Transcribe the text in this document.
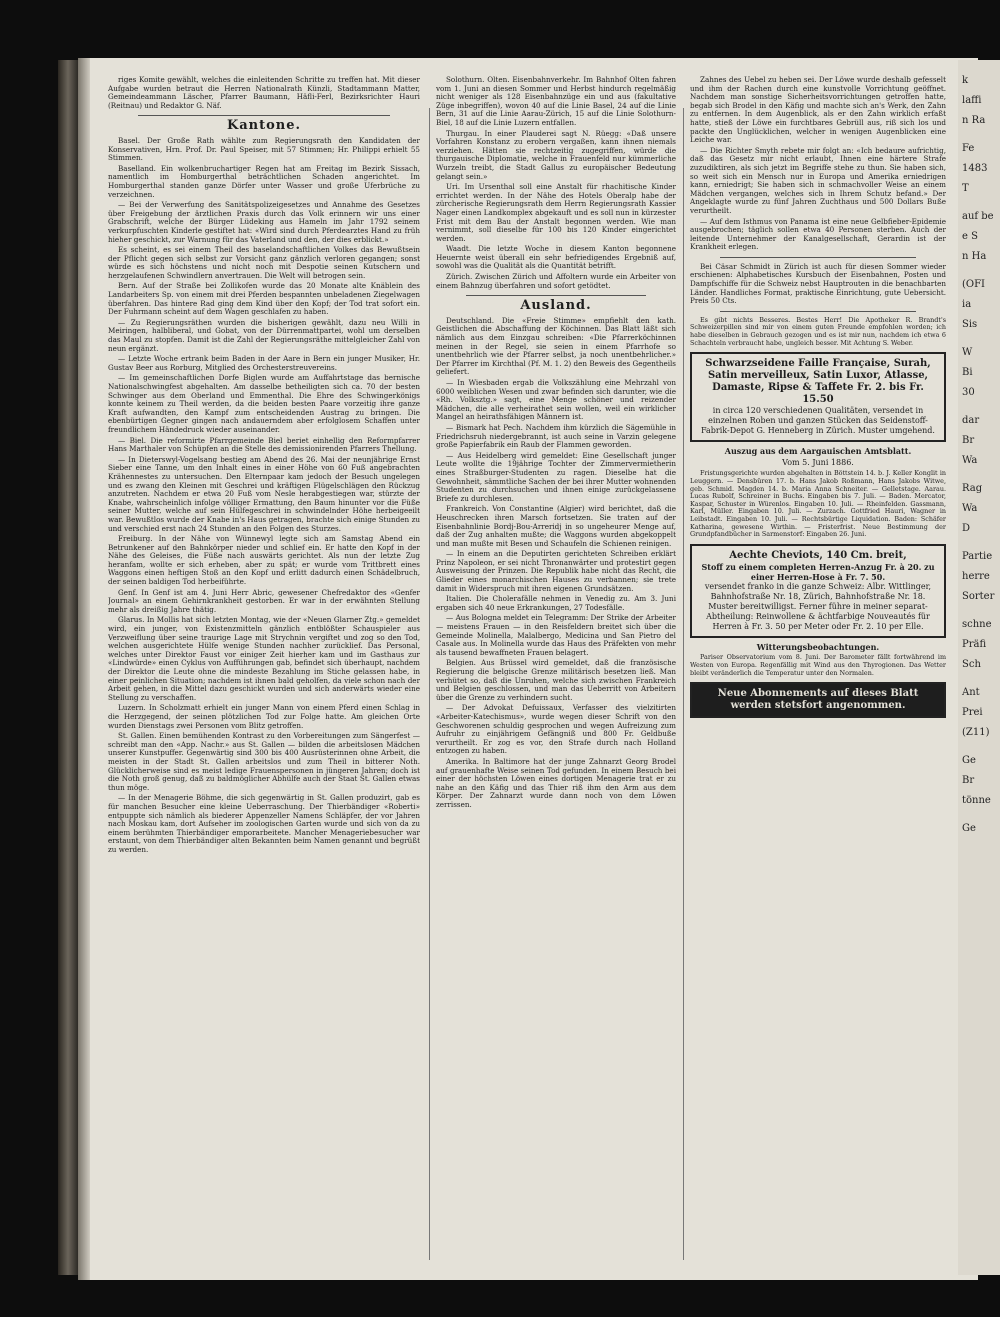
k
laffi
n Ra
Fe
1483
T
auf be
e S
n Ha
(OFI
ia
Sis
W
Bi
30
dar
Br
Wa
Rag
Wa
D
Partie
herre
Sorter
schne
Präfi
Sch
Ant
Prei
(Z11)
Ge
Br
tönne
Ge

riges Komite gewählt, welches die einleitenden Schritte zu treffen hat. Mit dieser Aufgabe wurden betraut die Herren Nationalrath Künzli, Stadtammann Matter, Gemeindeammann Läscher, Pfarrer Baumann, Häfli-Ferl, Bezirksrichter Hauri (Reitnau) und Redaktor G. Näf.

Kantone.

Basel. Der Große Rath wählte zum Regierungsrath den Kandidaten der Konservativen, Hrn. Prof. Dr. Paul Speiser, mit 57 Stimmen; Hr. Philippi erhielt 55 Stimmen.

Baselland. Ein wolkenbruchartiger Regen hat am Freitag im Bezirk Sissach, namentlich im Homburgerthal beträchtlichen Schaden angerichtet. Im Homburgerthal standen ganze Dörfer unter Wasser und große Uferbrüche zu verzeichnen.

— Bei der Verwerfung des Sanitätspolizeigesetzes und Annahme des Gesetzes über Freigebung der ärztlichen Praxis durch das Volk erinnern wir uns einer Grabschrift, welche der Bürger Lüdeking aus Hameln im Jahr 1792 seinem verkurpfuschten Kinderle gestiftet hat: «Wird sind durch Pferdearztes Hand zu früh hieher geschickt, zur Warnung für das Vaterland und den, der dies erblickt.»

Es scheint, es sei einem Theil des baselandschaftlichen Volkes das Bewußtsein der Pflicht gegen sich selbst zur Vorsicht ganz gänzlich verloren gegangen; sonst würde es sich höchstens und nicht noch mit Despotie seinen Kutschern und herzgelaufenen Schwindlern anvertrauen. Die Welt will betrogen sein.

Bern. Auf der Straße bei Zollikofen wurde das 20 Monate alte Knäblein des Landarbeiters Sp. von einem mit drei Pferden bespannten unbeladenen Ziegelwagen überfahren. Das hintere Rad ging dem Kind über den Kopf; der Tod trat sofort ein. Der Fuhrmann scheint auf dem Wagen geschlafen zu haben.

— Zu Regierungsräthen wurden die bisherigen gewählt, dazu neu Willi in Meiringen, halbliberal, und Gobat, von der Dürrenmattpartei, wohl um derselben das Maul zu stopfen. Damit ist die Zahl der Regierungsräthe mittelgleicher Zahl von neun ergänzt.

— Letzte Woche ertrank beim Baden in der Aare in Bern ein junger Musiker, Hr. Gustav Beer aus Rorburg, Mitglied des Orchesterstreuvereins.

— Im gemeinschaftlichen Dorfe Biglen wurde am Auffahrtstage das bernische Nationalschwingfest abgehalten. Am dasselbe betheiligten sich ca. 70 der besten Schwinger aus dem Oberland und Emmenthal. Die Ehre des Schwingerkönigs konnte keinem zu Theil werden, da die beiden besten Paare vorzeitig ihre ganze Kraft aufwandten, den Kampf zum entscheidenden Austrag zu bringen. Die ebenbürtigen Gegner gingen nach andauerndem aber erfolglosem Schaffen unter freundlichem Händedruck wieder auseinander.

— Biel. Die reformirte Pfarrgemeinde Biel beriet einhellig den Reformpfarrer Hans Marthaler von Schüpfen an die Stelle des demissionirenden Pfarrers Thellung.

— In Dieterswyl-Vogelsang bestieg am Abend des 26. Mai der neunjährige Ernst Sieber eine Tanne, um den Inhalt eines in einer Höhe von 60 Fuß angebrachten Krähennestes zu untersuchen. Den Elternpaar kam jedoch der Besuch ungelegen und es zwang den Kleinen mit Geschrei und kräftigen Flügelschlägen den Rückzug anzutreten. Nachdem er etwa 20 Fuß vom Nesle herabgestiegen war, stürzte der Knabe, wahrscheinlich infolge völliger Ermattung, den Baum hinunter vor die Füße seiner Mutter, welche auf sein Hülfegeschrei in schwindelnder Höhe herbeigeeilt war. Bewußtlos wurde der Knabe in's Haus getragen, brachte sich einige Stunden zu und verschied erst nach 24 Stunden an den Folgen des Sturzes.

Freiburg. In der Nähe von Wünnewyl legte sich am Samstag Abend ein Betrunkener auf den Bahnkörper nieder und schlief ein. Er hatte den Kopf in der Nähe des Geleises, die Füße nach auswärts gerichtet. Als nun der letzte Zug heranfam, wollte er sich erheben, aber zu spät; er wurde vom Trittbrett eines Waggons einen heftigen Stoß an den Kopf und erlitt dadurch einen Schädelbruch, der seinen baldigen Tod herbeiführte.

Genf. In Genf ist am 4. Juni Herr Abric, gewesener Chefredaktor des «Genfer Journal» an einem Gehirnkrankheit gestorben. Er war in der erwähnten Stellung mehr als dreißig Jahre thätig.

Glarus. In Mollis hat sich letzten Montag, wie der «Neuen Glarner Ztg.» gemeldet wird, ein junger, von Existenzmitteln gänzlich entblößter Schauspieler aus Verzweiflung über seine traurige Lage mit Strychnin vergiftet und zog so den Tod, welchen ausgerichtete Hülfe wenige Stunden nachher zurücklief. Das Personal, welches unter Direktor Faust vor einiger Zeit hierher kam und im Gasthaus zur «Lindwürde» einen Cyklus von Aufführungen gab, befindet sich überhaupt, nachdem der Direktor die Leute ohne die mindeste Bezahlung im Stiche gelassen habe, in einer peinlichen Situation; nachdem ist ihnen bald geholfen, da viele schon nach der Arbeit gehen, in die Mittel dazu geschickt wurden und sich anderwärts wieder eine Stellung zu verschaffen.

Luzern. In Scholzmatt erhielt ein junger Mann von einem Pferd einen Schlag in die Herzgegend, der seinen plötzlichen Tod zur Folge hatte. Am gleichen Orte wurden Dienstags zwei Personen vom Blitz getroffen.

St. Gallen. Einen bemühenden Kontrast zu den Vorbereitungen zum Sängerfest — schreibt man den «App. Nachr.» aus St. Gallen — bilden die arbeitslosen Mädchen unserer Kunstpuffer. Gegenwärtig sind 300 bis 400 Ausrüsterinnen ohne Arbeit, die meisten in der Stadt St. Gallen arbeitslos und zum Theil in bitterer Noth. Glücklicherweise sind es meist ledige Frauenspersonen in jüngeren Jahren; doch ist die Noth groß genug, daß zu baldmöglicher Abhülfe auch der Staat St. Gallen etwas thun möge.

— In der Menagerie Böhme, die sich gegenwärtig in St. Gallen produzirt, gab es für manchen Besucher eine kleine Ueberraschung. Der Thierbändiger «Roberti» entpuppte sich nämlich als biederer Appenzeller Namens Schläpfer, der vor Jahren nach Moskau kam, dort Aufseher im zoologischen Garten wurde und sich von da zu einem berühmten Thierbändiger emporarbeitete. Mancher Menageriebesucher war erstaunt, von dem Thierbändiger alten Bekannten beim Namen genannt und begrüßt zu werden.

Solothurn. Olten. Eisenbahnverkehr. Im Bahnhof Olten fahren vom 1. Juni an diesen Sommer und Herbst hindurch regelmäßig nicht weniger als 128 Eisenbahnzüge ein und aus (fakultative Züge inbegriffen), wovon 40 auf die Linie Basel, 24 auf die Linie Bern, 31 auf die Linie Aarau-Zürich, 15 auf die Linie Solothurn-Biel, 18 auf die Linie Luzern entfallen.

Thurgau. In einer Plauderei sagt N. Rüegg: «Daß unsere Vorfahren Konstanz zu erobern vergaßen, kann ihnen niemals verziehen. Hätten sie rechtzeitig zugegriffen, würde die thurgauische Diplomatie, welche in Frauenfeld nur kümmerliche Wurzeln treibt, die Stadt Gallus zu europäischer Bedeutung gelangt sein.»

Uri. Im Ursenthal soll eine Anstalt für rhachitische Kinder errichtet werden. In der Nähe des Hotels Oberalp habe der zürcherische Regierungsrath dem Herrn Regierungsrath Kassier Nager einen Landkomplex abgekauft und es soll nun in kürzester Frist mit dem Bau der Anstalt begonnen werden. Wie man vernimmt, soll dieselbe für 100 bis 120 Kinder eingerichtet werden.

Waadt. Die letzte Woche in diesem Kanton begonnene Heuernte weist überall ein sehr befriedigendes Ergebniß auf, sowohl was die Qualität als die Quantität betrifft.

Zürich. Zwischen Zürich und Affoltern wurde ein Arbeiter von einem Bahnzug überfahren und sofort getödtet.

Ausland.

Deutschland. Die «Freie Stimme» empfiehlt den kath. Geistlichen die Abschaffung der Köchinnen. Das Blatt läßt sich nämlich aus dem Einzgau schreiben: «Die Pfarrerköchinnen meinen in der Regel, sie seien in einem Pfarrhofe so unentbehrlich wie der Pfarrer selbst, ja noch unentbehrlicher.» Der Pfarrer im Kirchthal (Pf. M. 1. 2) den Beweis des Gegentheils geliefert.

— In Wiesbaden ergab die Volkszählung eine Mehrzahl von 6000 weiblichen Wesen und zwar befinden sich darunter, wie die «Rh. Volksztg.» sagt, eine Menge schöner und reizender Mädchen, die alle verheirathet sein wollen, weil ein wirklicher Mangel an heirathsfähigen Männern ist.

— Bismark hat Pech. Nachdem ihm kürzlich die Sägemühle in Friedrichsruh niedergebrannt, ist auch seine in Varzin gelegene große Papierfabrik ein Raub der Flammen geworden.

— Aus Heidelberg wird gemeldet: Eine Gesellschaft junger Leute wollte die 19jährige Tochter der Zimmervermietherin eines Straßburger-Studenten zu ragen. Dieselbe hat die Gewohnheit, sämmtliche Sachen der bei ihrer Mutter wohnenden Studenten zu durchsuchen und ihnen einige zurückgelassene Briefe zu durchlesen.

Frankreich. Von Constantine (Algier) wird berichtet, daß die Heuschrecken ihren Marsch fortsetzen. Sie traten auf der Eisenbahnlinie Bordj-Bou-Arreridj in so ungeheurer Menge auf, daß der Zug anhalten mußte; die Waggons wurden abgekoppelt und man mußte mit Besen und Schaufeln die Schienen reinigen.

— In einem an die Deputirten gerichteten Schreiben erklärt Prinz Napoleon, er sei nicht Thronanwärter und protestirt gegen Ausweisung der Prinzen. Die Republik habe nicht das Recht, die Glieder eines monarchischen Hauses zu verbannen; sie trete damit in Widerspruch mit ihren eigenen Grundsätzen.

Italien. Die Cholerafälle nehmen in Venedig zu. Am 3. Juni ergaben sich 40 neue Erkrankungen, 27 Todesfälle.

— Aus Bologna meldet ein Telegramm: Der Strike der Arbeiter — meistens Frauen — in den Reisfeldern breitet sich über die Gemeinde Molinella, Malalbergo, Medicina und San Pietro del Casale aus. In Molinella wurde das Haus des Präfekten von mehr als tausend bewaffneten Frauen belagert.

Belgien. Aus Brüssel wird gemeldet, daß die französische Regierung die belgische Grenze militärisch besetzen ließ. Man verhütet so, daß die Unruhen, welche sich zwischen Frankreich und Belgien geschlossen, und man das Ueberritt von Arbeitern über die Grenze zu verhindern sucht.

— Der Advokat Defuissaux, Verfasser des vielzitirten «Arbeiter-Katechismus», wurde wegen dieser Schrift von den Geschworenen schuldig gesprochen und wegen Aufreizung zum Aufruhr zu einjährigem Gefängniß und 800 Fr. Geldbuße verurtheilt. Er zog es vor, den Strafe durch nach Holland entzogen zu haben.

Amerika. In Baltimore hat der junge Zahnarzt Georg Brodel auf grauenhafte Weise seinen Tod gefunden. In einem Besuch bei einer der höchsten Löwen eines dortigen Menagerie trat er zu nahe an den Käfig und das Thier riß ihm den Arm aus dem Körper. Der Zahnarzt wurde dann noch von dem Löwen zerrissen.

Zahnes des Uebel zu heben sei. Der Löwe wurde deshalb gefesselt und ihm der Rachen durch eine kunstvolle Vorrichtung geöffnet. Nachdem man sonstige Sicherheitsvorrichtungen getroffen hatte, begab sich Brodel in den Käfig und machte sich an's Werk, den Zahn zu entfernen. In dem Augenblick, als er den Zahn wirklich erfaßt hatte, stieß der Löwe ein furchtbares Gebrüll aus, riß sich los und packte den Unglücklichen, welcher in wenigen Augenblicken eine Leiche war.

— Die Richter Smyth rebete mir folgt an: «Ich bedaure aufrichtig, daß das Gesetz mir nicht erlaubt, Ihnen eine härtere Strafe zuzudiktiren, als sich jetzt im Begriffe stehe zu thun. Sie haben sich, so weit sich ein Mensch nur in Europa und Amerika erniedrigen kann, erniedrigt; Sie haben sich in schmachvoller Weise an einem Mädchen vergangen, welches sich in Ihrem Schutz befand.» Der Angeklagte wurde zu fünf Jahren Zuchthaus und 500 Dollars Buße verurtheilt.

— Auf dem Isthmus von Panama ist eine neue Gelbfieber-Epidemie ausgebrochen; täglich sollen etwa 40 Personen sterben. Auch der leitende Unternehmer der Kanalgesellschaft, Gerardin ist der Krankheit erlegen.

Bei Cäsar Schmidt in Zürich ist auch für diesen Sommer wieder erschienen: Alphabetisches Kursbuch der Eisenbahnen, Posten und Dampfschiffe für die Schweiz nebst Hauptrouten in die benachbarten Länder. Handliches Format, praktische Einrichtung, gute Uebersicht. Preis 50 Cts.

Es gibt nichts Besseres. Bestes Herr! Die Apotheker R. Brandt's Schweizerpillen sind mir von einem guten Freunde empfohlen worden; ich habe dieselben in Gebrauch gezogen und es ist mir nun, nachdem ich etwa 6 Schachteln verbraucht habe, ungleich besser. Mit Achtung S. Weber.

Schwarzseidene Faille Française, Surah, Satin merveilleux, Satin Luxor, Atlasse, Damaste, Ripse & Taffete Fr. 2. bis Fr. 15.50
in circa 120 verschiedenen Qualitäten, versendet in einzelnen Roben und ganzen Stücken das Seidenstoff-Fabrik-Depot G. Henneberg in Zürich. Muster umgehend.
Auszug aus dem Aargauischen Amtsblatt.
Vom 5. Juni 1886.

Fristungsgerichte wurden abgehalten in Böttstein 14. b. J. Keller Konglit in Leuggern. — Densbüren 17. b. Hans Jakob Roßmann, Hans Jakobs Witwe, geb. Schmid. Magden 14. b. Maria Anna Schneiter. — Gelletstage. Aarau. Lucas Rubolf, Schreiner in Buchs. Eingaben bis 7. Juli. — Baden. Mercator, Kaspar, Schuster in Würenlos. Eingaben 10. Juli. — Rheinfelden. Gassmann, Karl, Müller. Eingaben 10. Juli. — Zurzach. Gottfried Hauri, Wagner in Leibstadt. Eingaben 10. Juli. — Rechtsbürtige Liquidation. Baden: Schäfer Katharina, gewesene Wirthin. — Fristerfrist. Neue Bestimmung der Grundpfandbücher in Sarmenstorf: Eingaben 26. Juni.

Aechte Cheviots, 140 Cm. breit,
Stoff zu einem completen Herren-Anzug Fr. à 20. zu einer Herren-Hose à Fr. 7. 50.
versendet franko in die ganze Schweiz: Albr. Wittlinger, Bahnhofstraße Nr. 18, Zürich, Bahnhofstraße Nr. 18. Muster bereitwilligst. Ferner führe in meiner separat-Abtheilung: Reinwollene & ächtfarbige Nouveautés für Herren à Fr. 3. 50 per Meter oder Fr. 2. 10 per Elle.
Witterungsbeobachtungen.

Pariser Observatorium vom 8. Juni. Der Barometer fällt fortwährend im Westen von Europa. Regenfällig mit Wind aus den Thyrogionen. Das Wetter bleibt veränderlich die Temperatur unter den Normalen.

Neue Abonnements auf dieses Blatt werden stetsfort angenommen.
